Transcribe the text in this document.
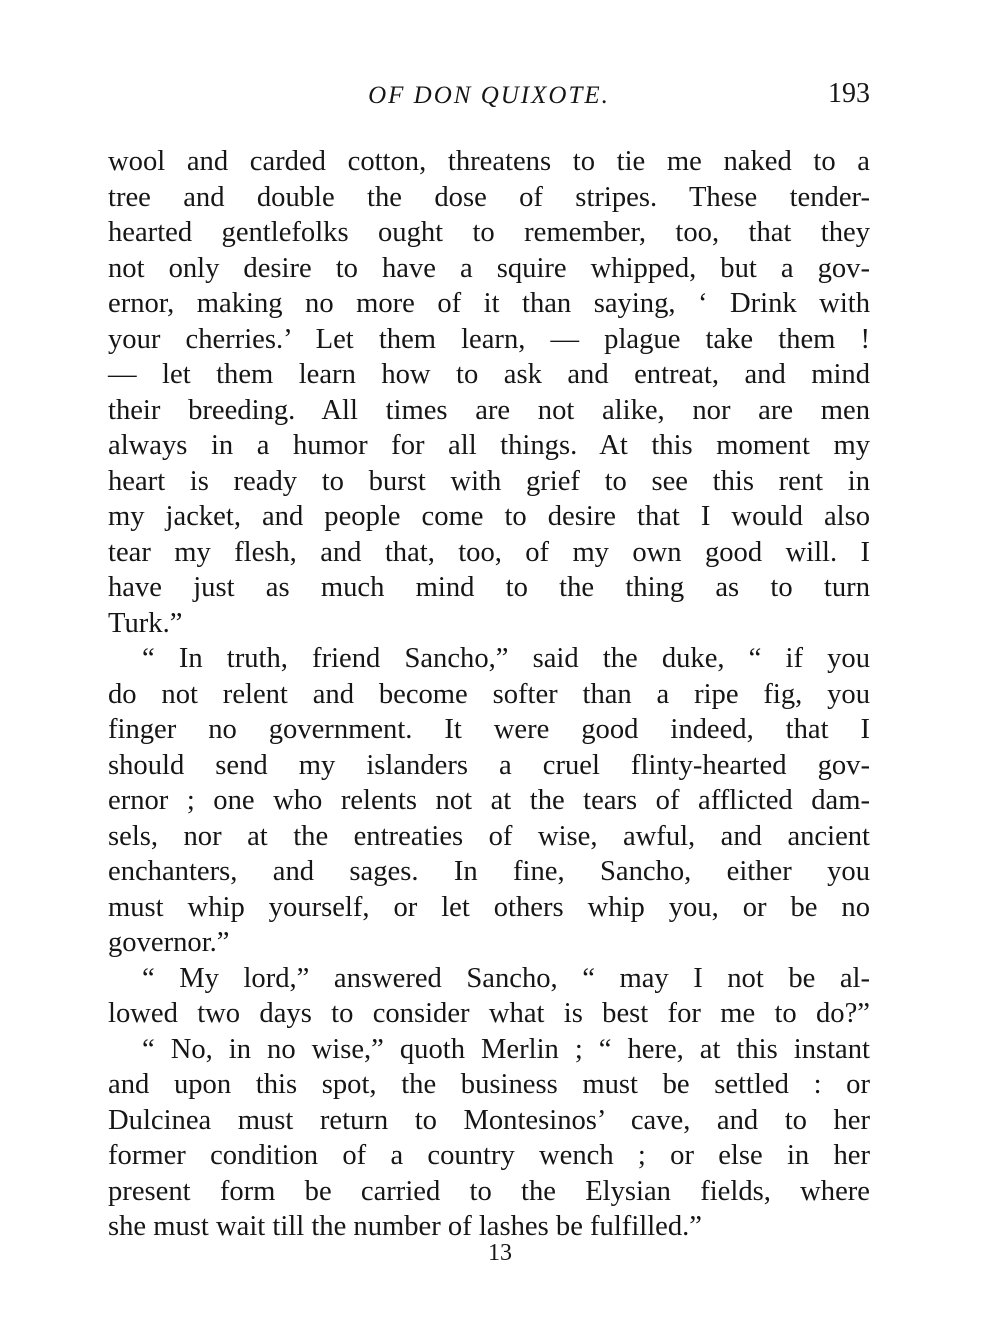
OF DON QUIXOTE.	193
wool and carded cotton, threatens to tie me naked to a
tree and double the dose of stripes. These tender-
hearted gentlefolks ought to remember, too, that they
not only desire to have a squire whipped, but a gov-
ernor, making no more of it than saying, ‘ Drink with
your cherries.’ Let them learn, — plague take them !
— let them learn how to ask and entreat, and mind
their breeding. All times are not alike, nor are men
always in a humor for all things. At this moment my
heart is ready to burst with grief to see this rent in
my jacket, and people come to desire that I would also
tear my flesh, and that, too, of my own good will. I
have just as much mind to the thing as to turn
Turk.”
“ In truth, friend Sancho,” said the duke, “ if you
do not relent and become softer than a ripe fig, you
finger no government. It were good indeed, that I
should send my islanders a cruel flinty-hearted gov-
ernor ; one who relents not at the tears of afflicted dam-
sels, nor at the entreaties of wise, awful, and ancient
enchanters, and sages. In fine, Sancho, either you
must whip yourself, or let others whip you, or be no
governor.”
“ My lord,” answered Sancho, “ may I not be al-
lowed two days to consider what is best for me to do?”
“ No, in no wise,” quoth Merlin ; “ here, at this instant
and upon this spot, the business must be settled : or
Dulcinea must return to Montesinos’ cave, and to her
former condition of a country wench ; or else in her
present form be carried to the Elysian fields, where
she must wait till the number of lashes be fulfilled.”
13
